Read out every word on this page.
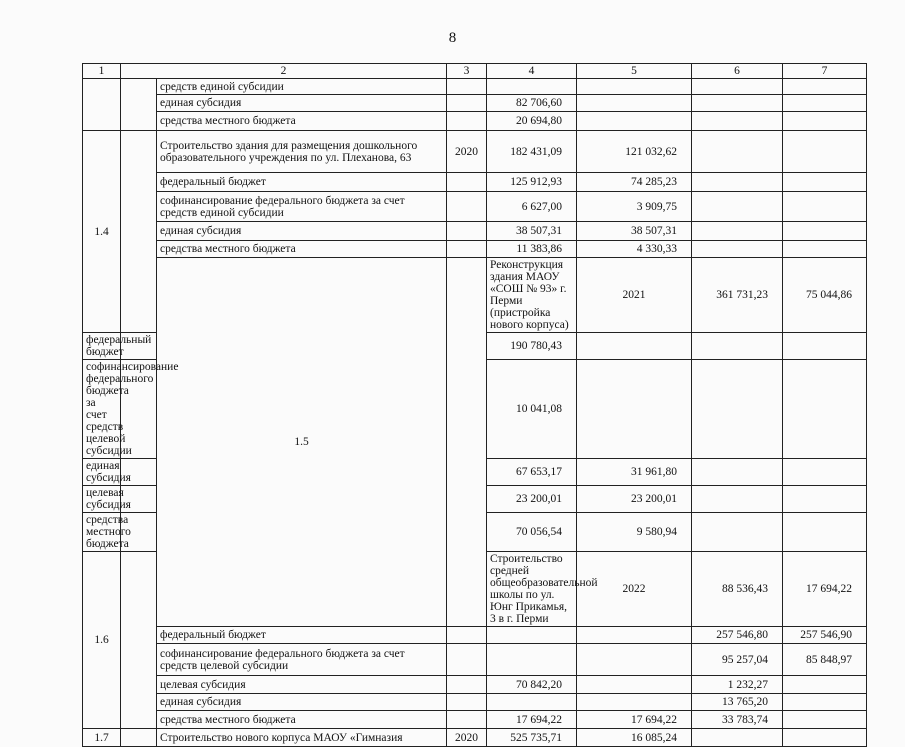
8
1	2		3	4	5	6	7	
		средств единой субсидии						
		единая субсидия		82 706,60				
		средства местного бюджета		20 694,80				
1.4		Строительство здания для размещения дошкольного образовательного учреждения по ул. Плеханова, 63	2020	182 431,09	121 032,62			
		федеральный бюджет		125 912,93	74 285,23			
		софинансирование федерального бюджета за счет средств единой субсидии		6 627,00	3 909,75			
		единая субсидия		38 507,31	38 507,31			
		средства местного бюджета		11 383,86	4 330,33			
		1.5		Реконструкция здания МАОУ «СОШ № 93» г. Перми (пристройка нового корпуса)	2021	361 731,23	75 044,86		
федеральный бюджет				190 780,43				
софинансирование федерального бюджета за счет средств целевой субсидии				10 041,08				
единая субсидия				67 653,17	31 961,80			
целевая субсидия				23 200,01	23 200,01			
средства местного бюджета				70 056,54	9 580,94			
1.6				Строительство средней общеобразовательной школы по ул. Юнг Прикамья, 3 в г. Перми	2022	88 536,43	17 694,22		
		федеральный бюджет				257 546,80	257 546,90	
		софинансирование федерального бюджета за счет средств целевой субсидии				95 257,04	85 848,97	
		целевая субсидия		70 842,20		1 232,27		
		единая субсидия				13 765,20		
		средства местного бюджета		17 694,22	17 694,22	33 783,74		
1.7		Строительство нового корпуса МАОУ «Гимназия	2020	525 735,71	16 085,24			
